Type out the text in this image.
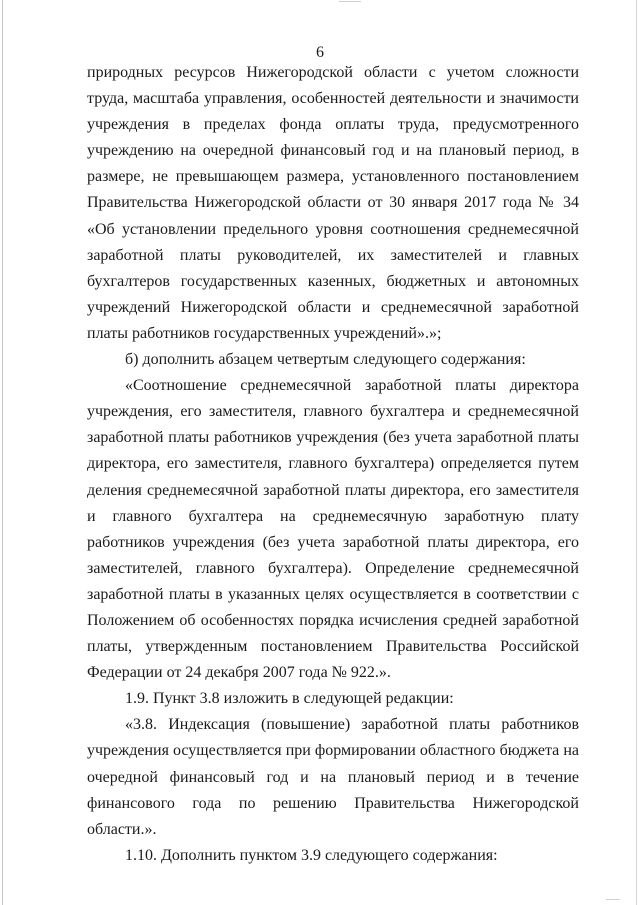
6

природных ресурсов Нижегородской области с учетом сложности труда, масштаба управления, особенностей деятельности и значимости учреждения в пределах фонда оплаты труда, предусмотренного учреждению на очередной финансовый год и на плановый период, в размере, не превышающем размера, установленного постановлением Правительства Нижегородской области от 30 января 2017 года № 34 «Об установлении предельного уровня соотношения среднемесячной заработной платы руководителей, их заместителей и главных бухгалтеров государственных казенных, бюджетных и автономных учреждений Нижегородской области и среднемесячной заработной платы работников государственных учреждений».»;

б) дополнить абзацем четвертым следующего содержания:

«Соотношение среднемесячной заработной платы директора учреждения, его заместителя, главного бухгалтера и среднемесячной заработной платы работников учреждения (без учета заработной платы директора, его заместителя, главного бухгалтера) определяется путем деления среднемесячной заработной платы директора, его заместителя и главного бухгалтера на среднемесячную заработную плату работников учреждения (без учета заработной платы директора, его заместителей, главного бухгалтера). Определение среднемесячной заработной платы в указанных целях осуществляется в соответствии с Положением об особенностях порядка исчисления средней заработной платы, утвержденным постановлением Правительства Российской Федерации от 24 декабря 2007 года № 922.».

1.9. Пункт 3.8 изложить в следующей редакции:

«3.8. Индексация (повышение) заработной платы работников учреждения осуществляется при формировании областного бюджета на очередной финансовый год и на плановый период и в течение финансового года по решению Правительства Нижегородской области.».

1.10. Дополнить пунктом 3.9 следующего содержания:
